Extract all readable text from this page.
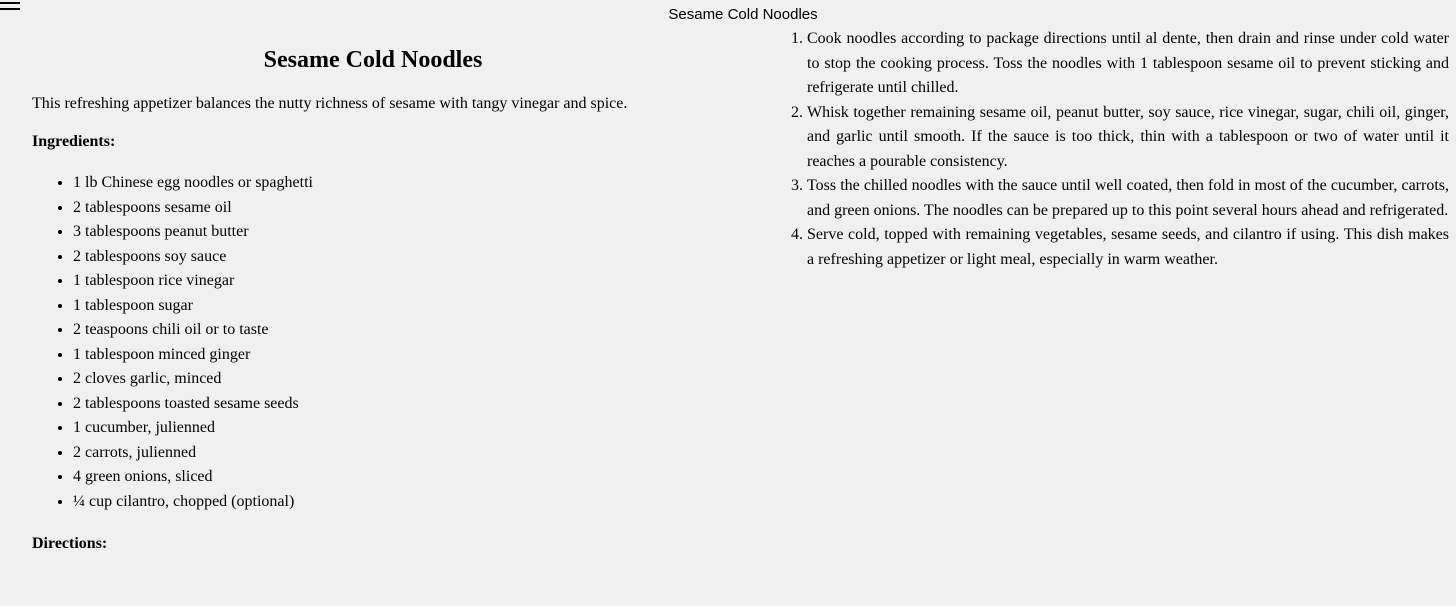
Sesame Cold Noodles
Sesame Cold Noodles

This refreshing appetizer balances the nutty richness of sesame with tangy vinegar and spice.

Ingredients:

• 1 lb Chinese egg noodles or spaghetti
• 2 tablespoons sesame oil
• 3 tablespoons peanut butter
• 2 tablespoons soy sauce
• 1 tablespoon rice vinegar
• 1 tablespoon sugar
• 2 teaspoons chili oil or to taste
• 1 tablespoon minced ginger
• 2 cloves garlic, minced
• 2 tablespoons toasted sesame seeds
• 1 cucumber, julienned
• 2 carrots, julienned
• 4 green onions, sliced
• ¼ cup cilantro, chopped (optional)

Directions:

1. Cook noodles according to package directions until al dente, then drain and rinse under cold water to stop the cooking process. Toss the noodles with 1 tablespoon sesame oil to prevent sticking and refrigerate until chilled.
2. Whisk together remaining sesame oil, peanut butter, soy sauce, rice vinegar, sugar, chili oil, ginger, and garlic until smooth. If the sauce is too thick, thin with a tablespoon or two of water until it reaches a pourable consistency.
3. Toss the chilled noodles with the sauce until well coated, then fold in most of the cucumber, carrots, and green onions. The noodles can be prepared up to this point several hours ahead and refrigerated.
4. Serve cold, topped with remaining vegetables, sesame seeds, and cilantro if using. This dish makes a refreshing appetizer or light meal, especially in warm weather.
